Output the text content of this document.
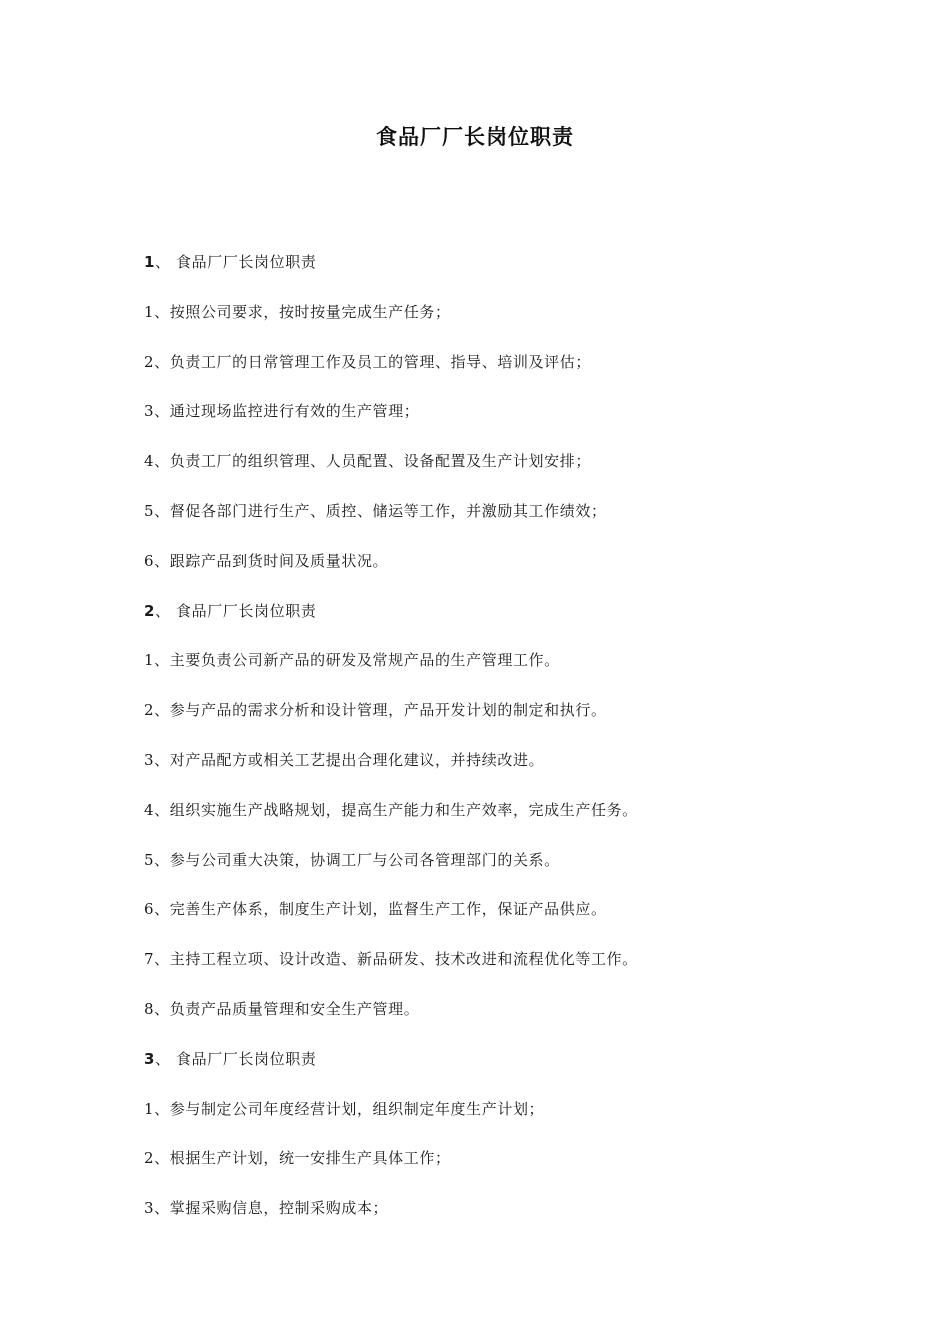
食品厂厂长岗位职责
1、 食品厂厂长岗位职责
1、按照公司要求，按时按量完成生产任务；
2、负责工厂的日常管理工作及员工的管理、指导、培训及评估；
3、通过现场监控进行有效的生产管理；
4、负责工厂的组织管理、人员配置、设备配置及生产计划安排；
5、督促各部门进行生产、质控、储运等工作，并激励其工作绩效；
6、跟踪产品到货时间及质量状况。
2、 食品厂厂长岗位职责
1、主要负责公司新产品的研发及常规产品的生产管理工作。
2、参与产品的需求分析和设计管理，产品开发计划的制定和执行。
3、对产品配方或相关工艺提出合理化建议，并持续改进。
4、组织实施生产战略规划，提高生产能力和生产效率，完成生产任务。
5、参与公司重大决策，协调工厂与公司各管理部门的关系。
6、完善生产体系，制度生产计划，监督生产工作，保证产品供应。
7、主持工程立项、设计改造、新品研发、技术改进和流程优化等工作。
8、负责产品质量管理和安全生产管理。
3、 食品厂厂长岗位职责
1、参与制定公司年度经营计划，组织制定年度生产计划；
2、根据生产计划，统一安排生产具体工作；
3、掌握采购信息，控制采购成本；
